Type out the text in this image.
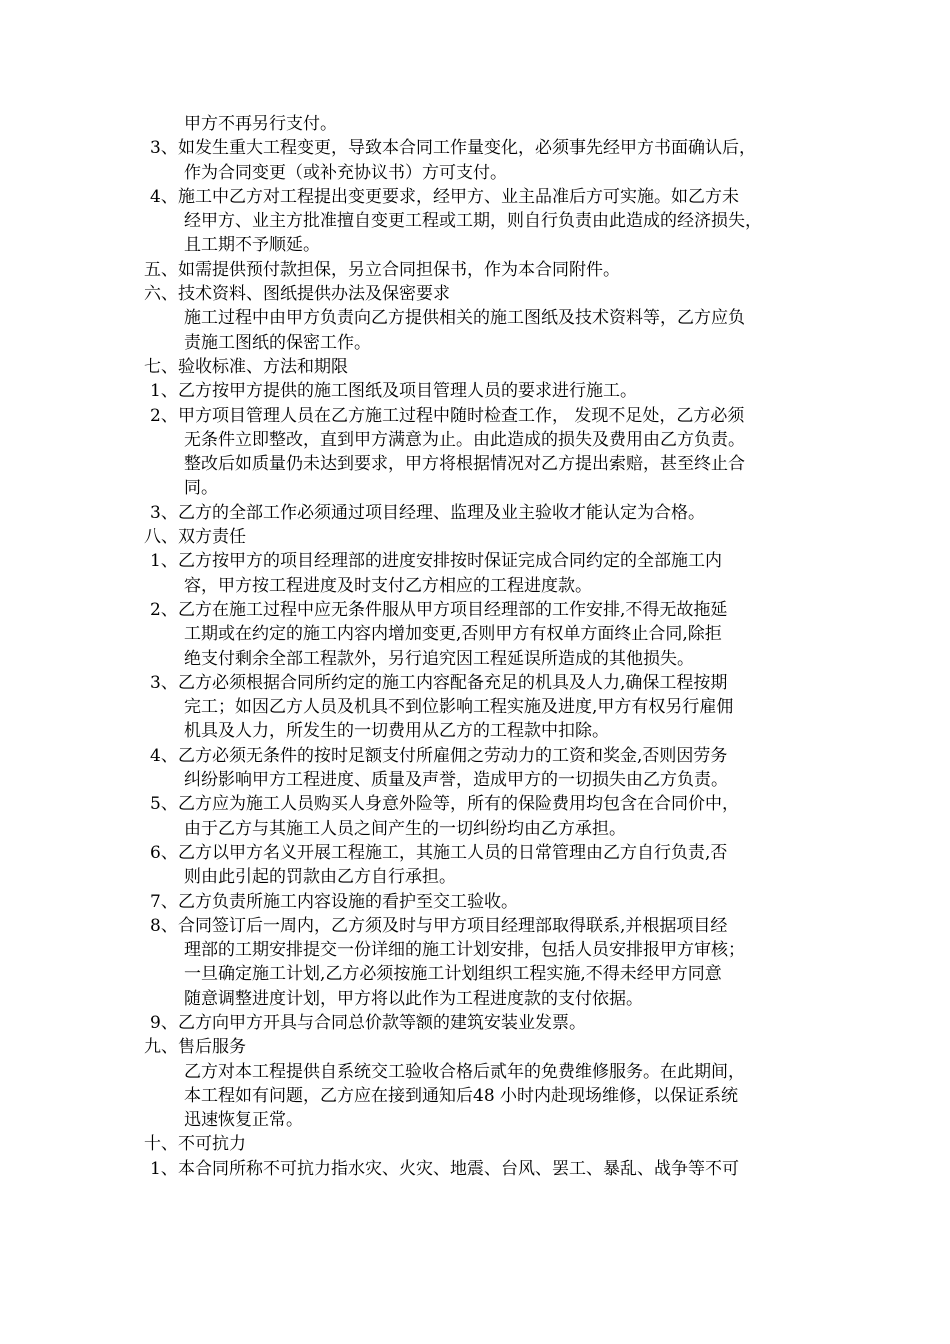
甲方不再另行支付。

3、 如发生重大工程变更，导致本合同工作量变化，必须事先经甲方书面确认后，

作为合同变更（或补充协议书）方可支付。

4、 施工中乙方对工程提出变更要求，经甲方、业主品准后方可实施。如乙方未

经甲方、业主方批准擅自变更工程或工期，则自行负责由此造成的经济损失，

且工期不予顺延。

五、如需提供预付款担保，另立合同担保书，作为本合同附件。

六、技术资料、图纸提供办法及保密要求

施工过程中由甲方负责向乙方提供相关的施工图纸及技术资料等，乙方应负

责施工图纸的保密工作。

七、验收标准、方法和期限

1、 乙方按甲方提供的施工图纸及项目管理人员的要求进行施工。

2、 甲方项目管理人员在乙方施工过程中随时检查工作， 发现不足处，乙方必须

无条件立即整改，直到甲方满意为止。由此造成的损失及费用由乙方负责。

整改后如质量仍未达到要求，甲方将根据情况对乙方提出索赔，甚至终止合

同。

3、 乙方的全部工作必须通过项目经理、监理及业主验收才能认定为合格。

八、双方责任

1、 乙方按甲方的项目经理部的进度安排按时保证完成合同约定的全部施工内

容，甲方按工程进度及时支付乙方相应的工程进度款。

2、 乙方在施工过程中应无条件服从甲方项目经理部的工作安排,不得无故拖延

工期或在约定的施工内容内增加变更,否则甲方有权单方面终止合同,除拒

绝支付剩余全部工程款外，另行追究因工程延误所造成的其他损失。

3、 乙方必须根据合同所约定的施工内容配备充足的机具及人力,确保工程按期

完工；如因乙方人员及机具不到位影响工程实施及进度,甲方有权另行雇佣

机具及人力，所发生的一切费用从乙方的工程款中扣除。

4、 乙方必须无条件的按时足额支付所雇佣之劳动力的工资和奖金,否则因劳务

纠纷影响甲方工程进度、质量及声誉，造成甲方的一切损失由乙方负责。

5、 乙方应为施工人员购买人身意外险等，所有的保险费用均包含在合同价中，

由于乙方与其施工人员之间产生的一切纠纷均由乙方承担。

6、 乙方以甲方名义开展工程施工，其施工人员的日常管理由乙方自行负责,否

则由此引起的罚款由乙方自行承担。

7、 乙方负责所施工内容设施的看护至交工验收。

8、 合同签订后一周内，乙方须及时与甲方项目经理部取得联系,并根据项目经

理部的工期安排提交一份详细的施工计划安排，包括人员安排报甲方审核；

一旦确定施工计划,乙方必须按施工计划组织工程实施,不得未经甲方同意

随意调整进度计划，甲方将以此作为工程进度款的支付依据。

9、 乙方向甲方开具与合同总价款等额的建筑安装业发票。

九、售后服务

乙方对本工程提供自系统交工验收合格后贰年的免费维修服务。在此期间，

本工程如有问题，乙方应在接到通知后48 小时内赴现场维修，以保证系统

迅速恢复正常。

十、不可抗力

1、 本合同所称不可抗力指水灾、火灾、地震、台风、罢工、暴乱、战争等不可
